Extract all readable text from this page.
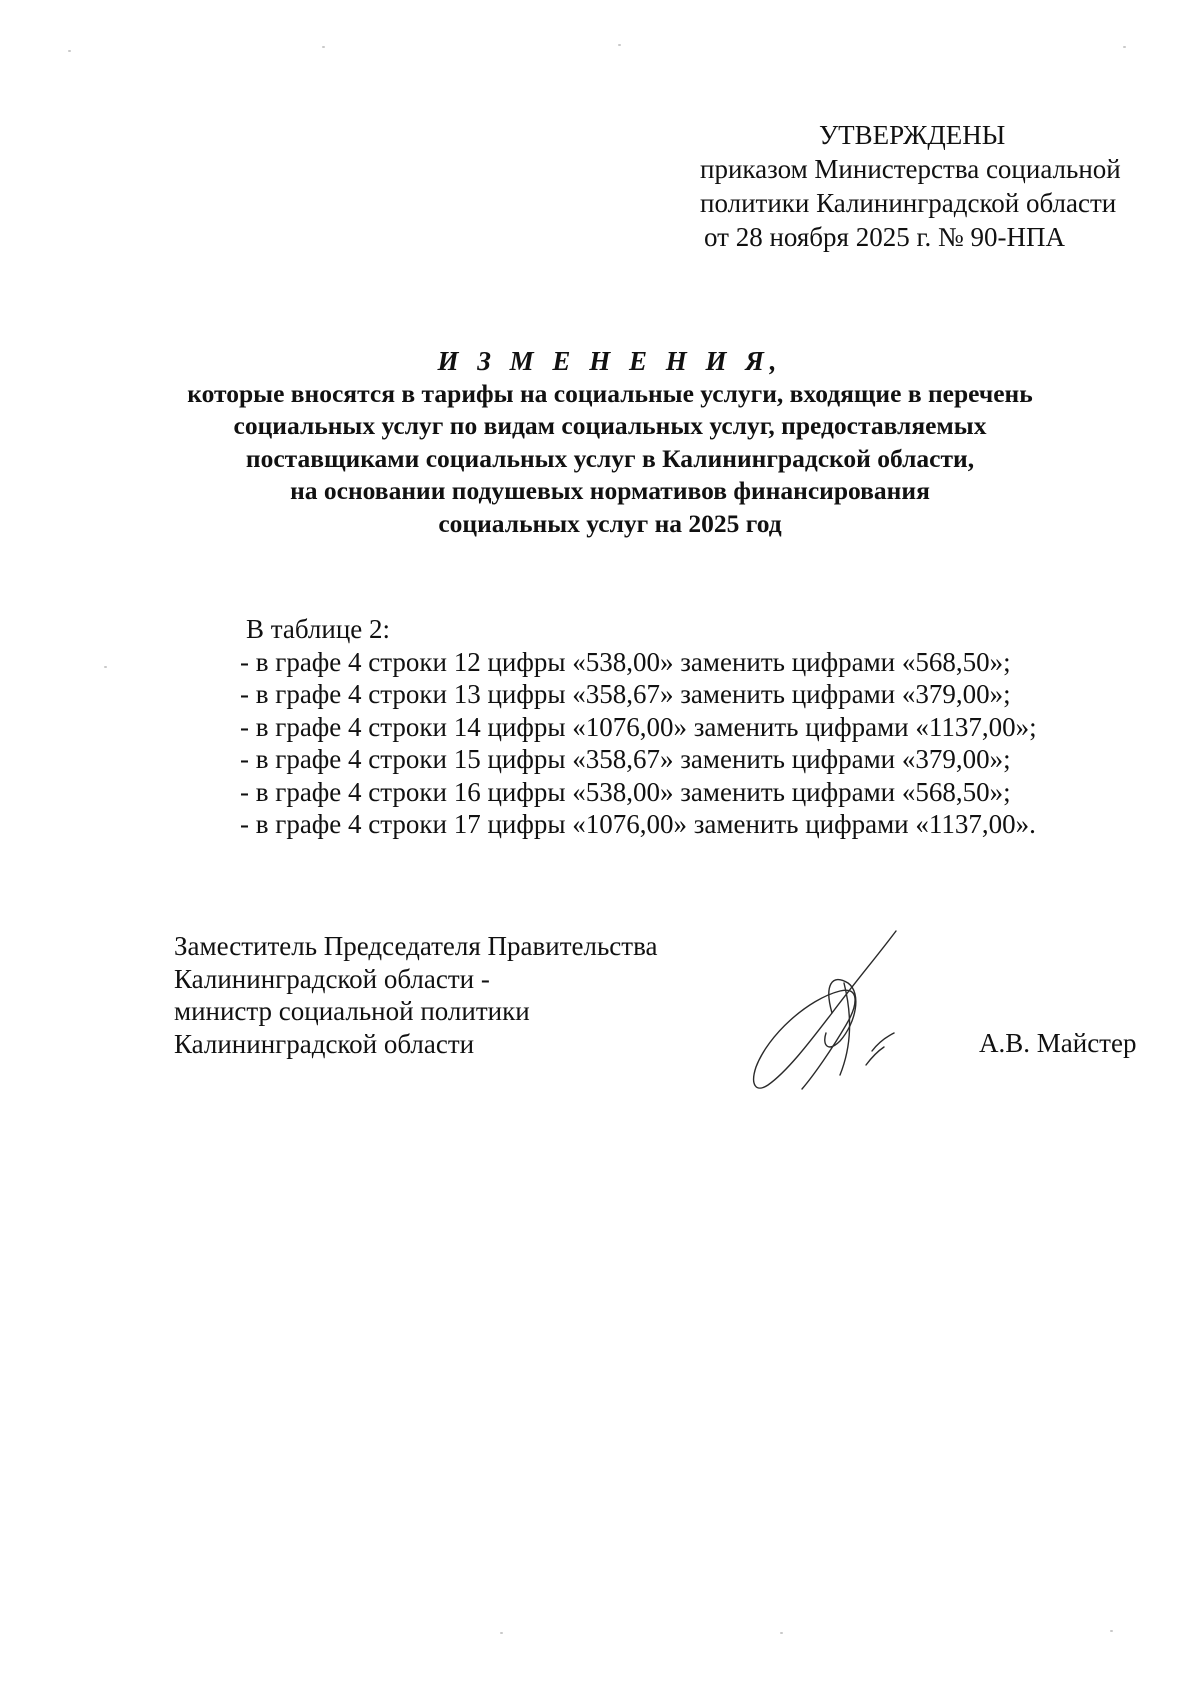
УТВЕРЖДЕНЫ
приказом Министерства социальной
политики Калининградской области
от 28 ноября 2025 г. № 90-НПА
И З М Е Н Е Н И Я,
которые вносятся в тарифы на социальные услуги, входящие в перечень
социальных услуг по видам социальных услуг, предоставляемых
поставщиками социальных услуг в Калининградской области,
на основании подушевых нормативов финансирования
социальных услуг на 2025 год
В таблице 2:
- в графе 4 строки 12 цифры «538,00» заменить цифрами «568,50»;
- в графе 4 строки 13 цифры «358,67» заменить цифрами «379,00»;
- в графе 4 строки 14 цифры «1076,00» заменить цифрами «1137,00»;
- в графе 4 строки 15 цифры «358,67» заменить цифрами «379,00»;
- в графе 4 строки 16 цифры «538,00» заменить цифрами «568,50»;
- в графе 4 строки 17 цифры «1076,00» заменить цифрами «1137,00».
Заместитель Председателя Правительства
Калининградской области -
министр социальной политики
Калининградской области	А.В. Майстер
